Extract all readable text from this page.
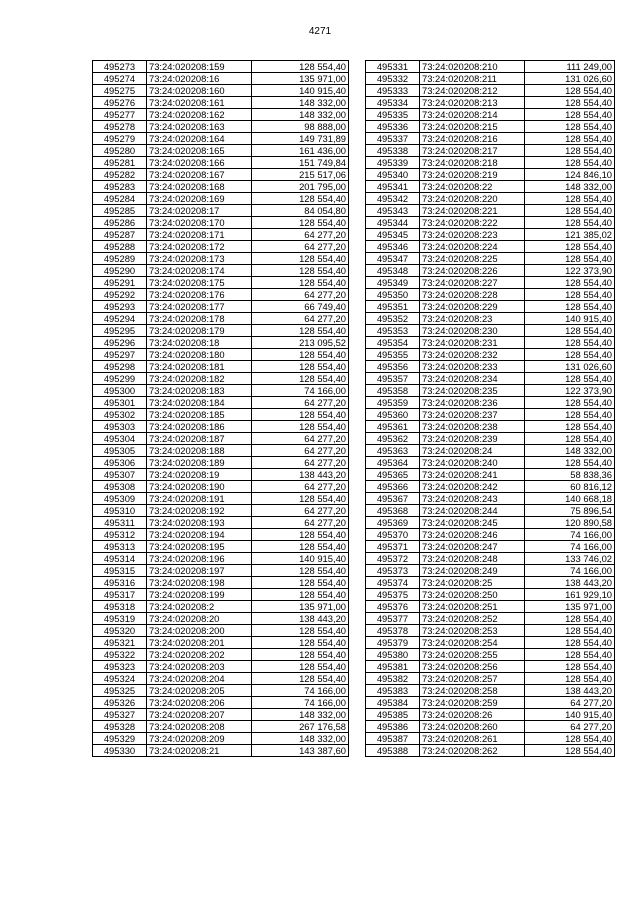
4271
495273	73:24:020208:159	128 554,40
495274	73:24:020208:16	135 971,00
495275	73:24:020208:160	140 915,40
495276	73:24:020208:161	148 332,00
495277	73:24:020208:162	148 332,00
495278	73:24:020208:163	98 888,00
495279	73:24:020208:164	149 731,89
495280	73:24:020208:165	161 436,00
495281	73:24:020208:166	151 749,84
495282	73:24:020208:167	215 517,06
495283	73:24:020208:168	201 795,00
495284	73:24:020208:169	128 554,40
495285	73:24:020208:17	84 054,80
495286	73:24:020208:170	128 554,40
495287	73:24:020208:171	64 277,20
495288	73:24:020208:172	64 277,20
495289	73:24:020208:173	128 554,40
495290	73:24:020208:174	128 554,40
495291	73:24:020208:175	128 554,40
495292	73:24:020208:176	64 277,20
495293	73:24:020208:177	66 749,40
495294	73:24:020208:178	64 277,20
495295	73:24:020208:179	128 554,40
495296	73:24:020208:18	213 095,52
495297	73:24:020208:180	128 554,40
495298	73:24:020208:181	128 554,40
495299	73:24:020208:182	128 554,40
495300	73:24:020208:183	74 166,00
495301	73:24:020208:184	64 277,20
495302	73:24:020208:185	128 554,40
495303	73:24:020208:186	128 554,40
495304	73:24:020208:187	64 277,20
495305	73:24:020208:188	64 277,20
495306	73:24:020208:189	64 277,20
495307	73:24:020208:19	138 443,20
495308	73:24:020208:190	64 277,20
495309	73:24:020208:191	128 554,40
495310	73:24:020208:192	64 277,20
495311	73:24:020208:193	64 277,20
495312	73:24:020208:194	128 554,40
495313	73:24:020208:195	128 554,40
495314	73:24:020208:196	140 915,40
495315	73:24:020208:197	128 554,40
495316	73:24:020208:198	128 554,40
495317	73:24:020208:199	128 554,40
495318	73:24:020208:2	135 971,00
495319	73:24:020208:20	138 443,20
495320	73:24:020208:200	128 554,40
495321	73:24:020208:201	128 554,40
495322	73:24:020208:202	128 554,40
495323	73:24:020208:203	128 554,40
495324	73:24:020208:204	128 554,40
495325	73:24:020208:205	74 166,00
495326	73:24:020208:206	74 166,00
495327	73:24:020208:207	148 332,00
495328	73:24:020208:208	267 176,58
495329	73:24:020208:209	148 332,00
495330	73:24:020208:21	143 387,60
495331	73:24:020208:210	111 249,00
495332	73:24:020208:211	131 026,60
495333	73:24:020208:212	128 554,40
495334	73:24:020208:213	128 554,40
495335	73:24:020208:214	128 554,40
495336	73:24:020208:215	128 554,40
495337	73:24:020208:216	128 554,40
495338	73:24:020208:217	128 554,40
495339	73:24:020208:218	128 554,40
495340	73:24:020208:219	124 846,10
495341	73:24:020208:22	148 332,00
495342	73:24:020208:220	128 554,40
495343	73:24:020208:221	128 554,40
495344	73:24:020208:222	128 554,40
495345	73:24:020208:223	121 385,02
495346	73:24:020208:224	128 554,40
495347	73:24:020208:225	128 554,40
495348	73:24:020208:226	122 373,90
495349	73:24:020208:227	128 554,40
495350	73:24:020208:228	128 554,40
495351	73:24:020208:229	128 554,40
495352	73:24:020208:23	140 915,40
495353	73:24:020208:230	128 554,40
495354	73:24:020208:231	128 554,40
495355	73:24:020208:232	128 554,40
495356	73:24:020208:233	131 026,60
495357	73:24:020208:234	128 554,40
495358	73:24:020208:235	122 373,90
495359	73:24:020208:236	128 554,40
495360	73:24:020208:237	128 554,40
495361	73:24:020208:238	128 554,40
495362	73:24:020208:239	128 554,40
495363	73:24:020208:24	148 332,00
495364	73:24:020208:240	128 554,40
495365	73:24:020208:241	58 838,36
495366	73:24:020208:242	60 816,12
495367	73:24:020208:243	140 668,18
495368	73:24:020208:244	75 896,54
495369	73:24:020208:245	120 890,58
495370	73:24:020208:246	74 166,00
495371	73:24:020208:247	74 166,00
495372	73:24:020208:248	133 746,02
495373	73:24:020208:249	74 166,00
495374	73:24:020208:25	138 443,20
495375	73:24:020208:250	161 929,10
495376	73:24:020208:251	135 971,00
495377	73:24:020208:252	128 554,40
495378	73:24:020208:253	128 554,40
495379	73:24:020208:254	128 554,40
495380	73:24:020208:255	128 554,40
495381	73:24:020208:256	128 554,40
495382	73:24:020208:257	128 554,40
495383	73:24:020208:258	138 443,20
495384	73:24:020208:259	64 277,20
495385	73:24:020208:26	140 915,40
495386	73:24:020208:260	64 277,20
495387	73:24:020208:261	128 554,40
495388	73:24:020208:262	128 554,40
